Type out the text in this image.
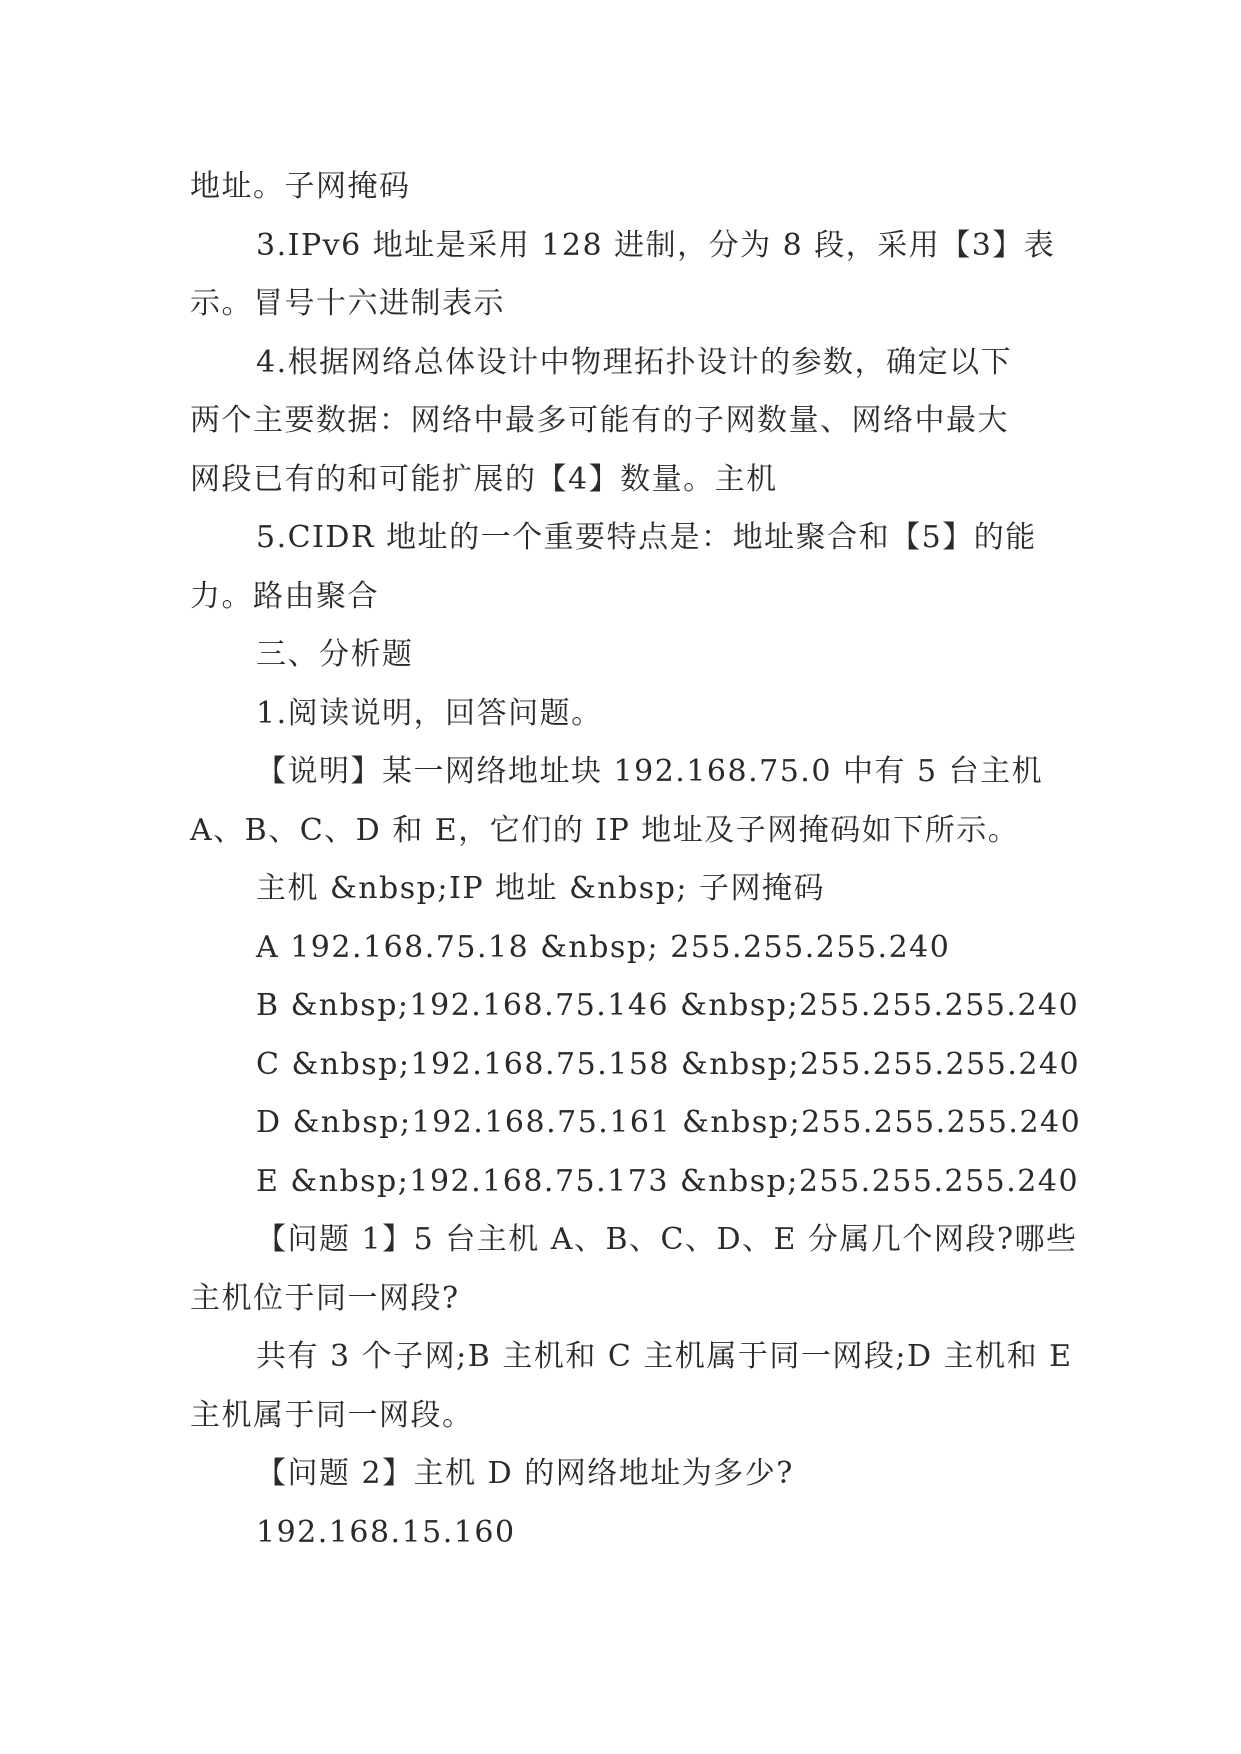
地址。子网掩码

3.IPv6 地址是采用 128 进制，分为 8 段，采用【3】表

示。冒号十六进制表示

4.根据网络总体设计中物理拓扑设计的参数，确定以下

两个主要数据：网络中最多可能有的子网数量、网络中最大

网段已有的和可能扩展的【4】数量。主机

5.CIDR 地址的一个重要特点是：地址聚合和【5】的能

力。路由聚合

三、分析题

1.阅读说明，回答问题。

【说明】某一网络地址块 192.168.75.0 中有 5 台主机

A、B、C、D 和 E，它们的 IP 地址及子网掩码如下所示。

主机 &nbsp;IP 地址 &nbsp; 子网掩码

A 192.168.75.18 &nbsp; 255.255.255.240

B &nbsp;192.168.75.146 &nbsp;255.255.255.240

C &nbsp;192.168.75.158 &nbsp;255.255.255.240

D &nbsp;192.168.75.161 &nbsp;255.255.255.240

E &nbsp;192.168.75.173 &nbsp;255.255.255.240

【问题 1】5 台主机 A、B、C、D、E 分属几个网段?哪些

主机位于同一网段?

共有 3 个子网;B 主机和 C 主机属于同一网段;D 主机和 E

主机属于同一网段。

【问题 2】主机 D 的网络地址为多少?

192.168.15.160
